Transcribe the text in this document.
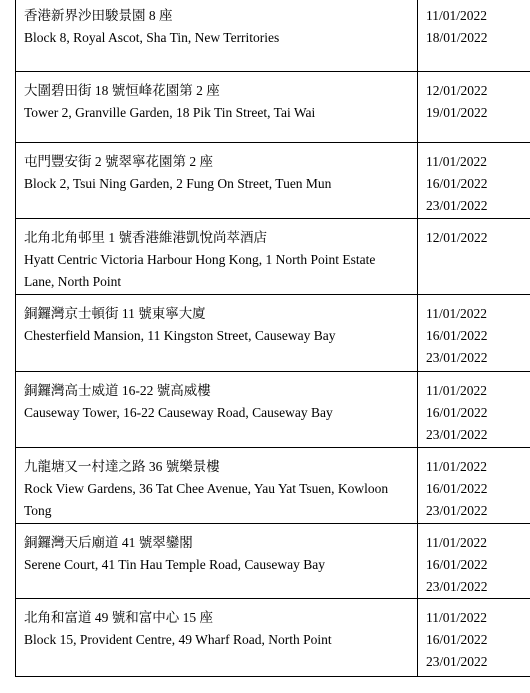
香港新界沙田駿景園 8 座
Block 8, Royal Ascot, Sha Tin, New Territories	11/01/2022
18/01/2022

大圍碧田街 18 號恒峰花園第 2 座
Tower 2, Granville Garden, 18 Pik Tin Street, Tai Wai	12/01/2022
19/01/2022

屯門豐安街 2 號翠寧花園第 2 座
Block 2, Tsui Ning Garden, 2 Fung On Street, Tuen Mun	11/01/2022
16/01/2022
23/01/2022

北角北角邨里 1 號香港維港凱悅尚萃酒店
Hyatt Centric Victoria Harbour Hong Kong, 1 North Point Estate Lane, North Point	12/01/2022

銅鑼灣京士頓街 11 號東寧大廈
Chesterfield Mansion, 11 Kingston Street, Causeway Bay	11/01/2022
16/01/2022
23/01/2022

銅鑼灣高士威道 16-22 號高威樓
Causeway Tower, 16-22 Causeway Road, Causeway Bay	11/01/2022
16/01/2022
23/01/2022

九龍塘又一村達之路 36 號樂景樓
Rock View Gardens, 36 Tat Chee Avenue, Yau Yat Tsuen, Kowloon Tong	11/01/2022
16/01/2022
23/01/2022

銅鑼灣天后廟道 41 號翠鑾閣
Serene Court, 41 Tin Hau Temple Road, Causeway Bay	11/01/2022
16/01/2022
23/01/2022

北角和富道 49 號和富中心 15 座
Block 15, Provident Centre, 49 Wharf Road, North Point	11/01/2022
16/01/2022
23/01/2022
